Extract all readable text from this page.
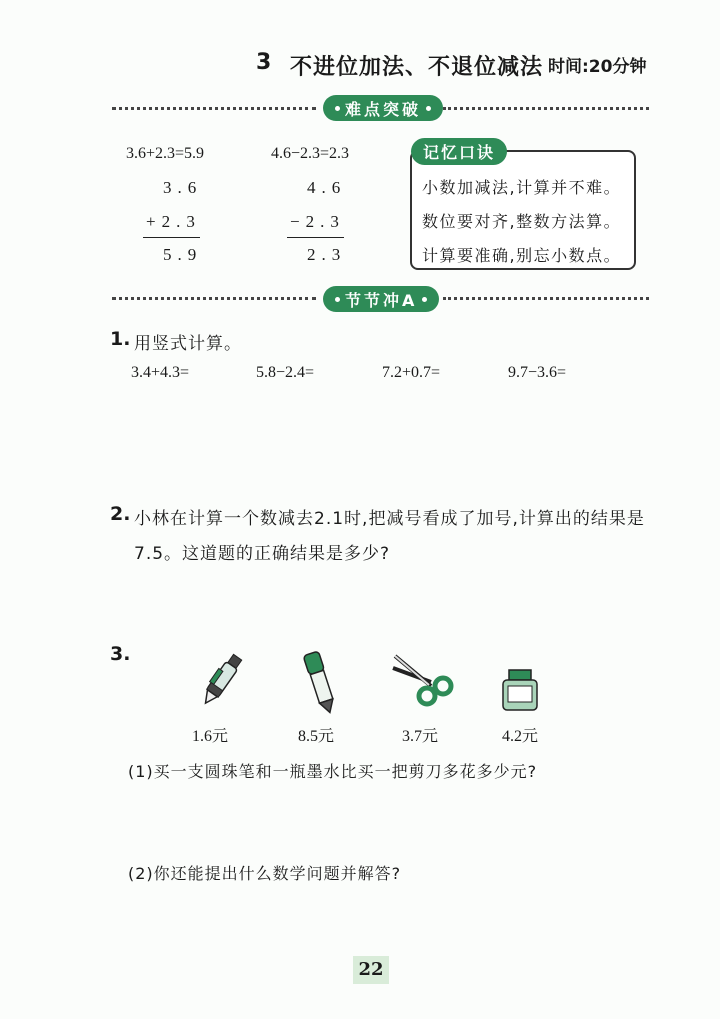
3 不进位加法、不退位减法 时间:20分钟
难点突破
3.6+2.3=5.9
3.6
+2.3
5.9
4.6−2.3=2.3
4.6
−2.3
2.3
记忆口诀
小数加减法,计算并不难。
数位要对齐,整数方法算。
计算要准确,别忘小数点。
节节冲A
1. 用竖式计算。
3.4+4.3=	5.8−2.4=	7.2+0.7=	9.7−3.6=
2. 小林在计算一个数减去2.1时,把减号看成了加号,计算出的结果是
7.5。这道题的正确结果是多少?
3.
1.6元	8.5元	3.7元	4.2元
(1)买一支圆珠笔和一瓶墨水比买一把剪刀多花多少元?
(2)你还能提出什么数学问题并解答?
22
